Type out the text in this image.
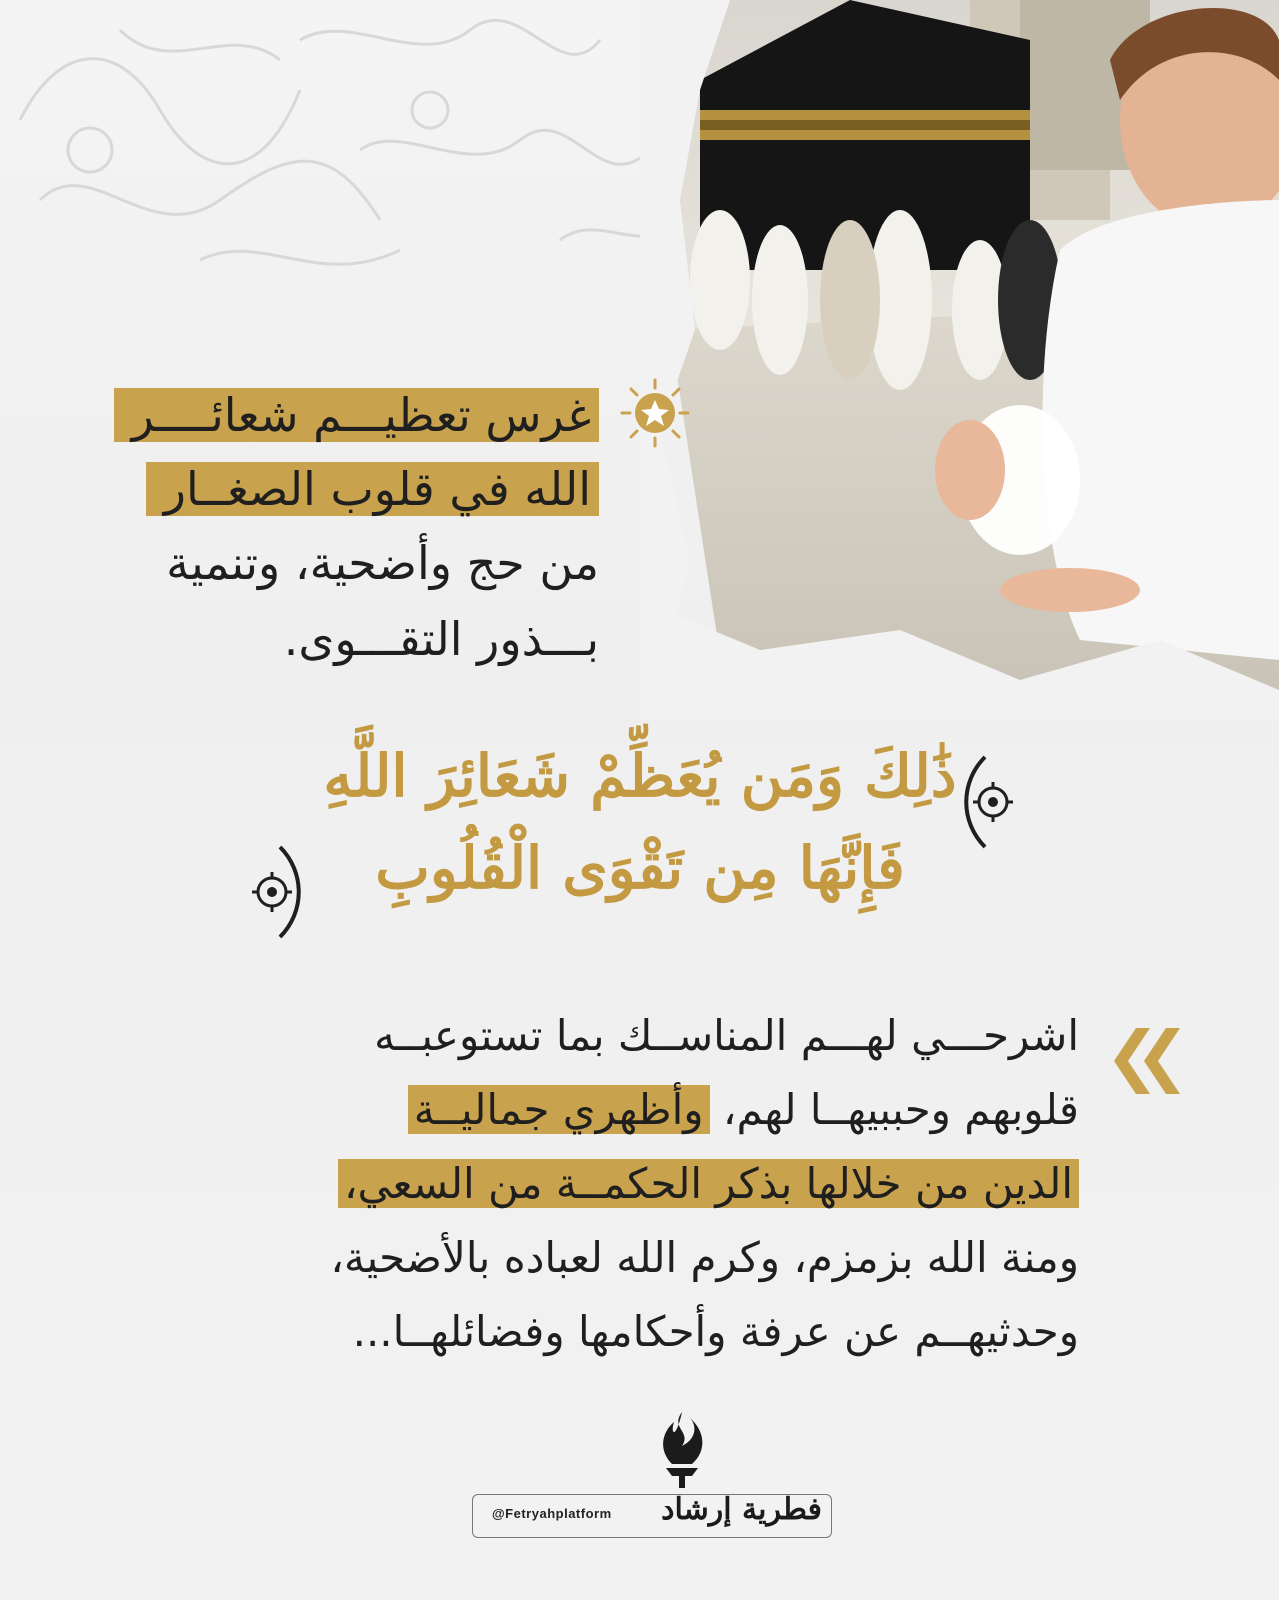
غرس تعظيـــم شعائــــر
الله في قلوب الصغــار
من حج وأضحية، وتنمية
بـــذور التقـــوى.
ذَٰلِكَ وَمَن يُعَظِّمْ شَعَائِرَ اللَّهِ
فَإِنَّهَا مِن تَقْوَى الْقُلُوبِ
اشرحـــي لهـــم المناســك بما تستوعبــه
قلوبهم وحببيهــا لهم، وأظهري جماليــة
الدين من خلالها بذكر الحكمــة من السعي،
ومنة الله بزمزم، وكرم الله لعباده بالأضحية،
وحدثيهــم عن عرفة وأحكامها وفضائلهــا...
@Fetryahplatform	فطرية إرشاد
